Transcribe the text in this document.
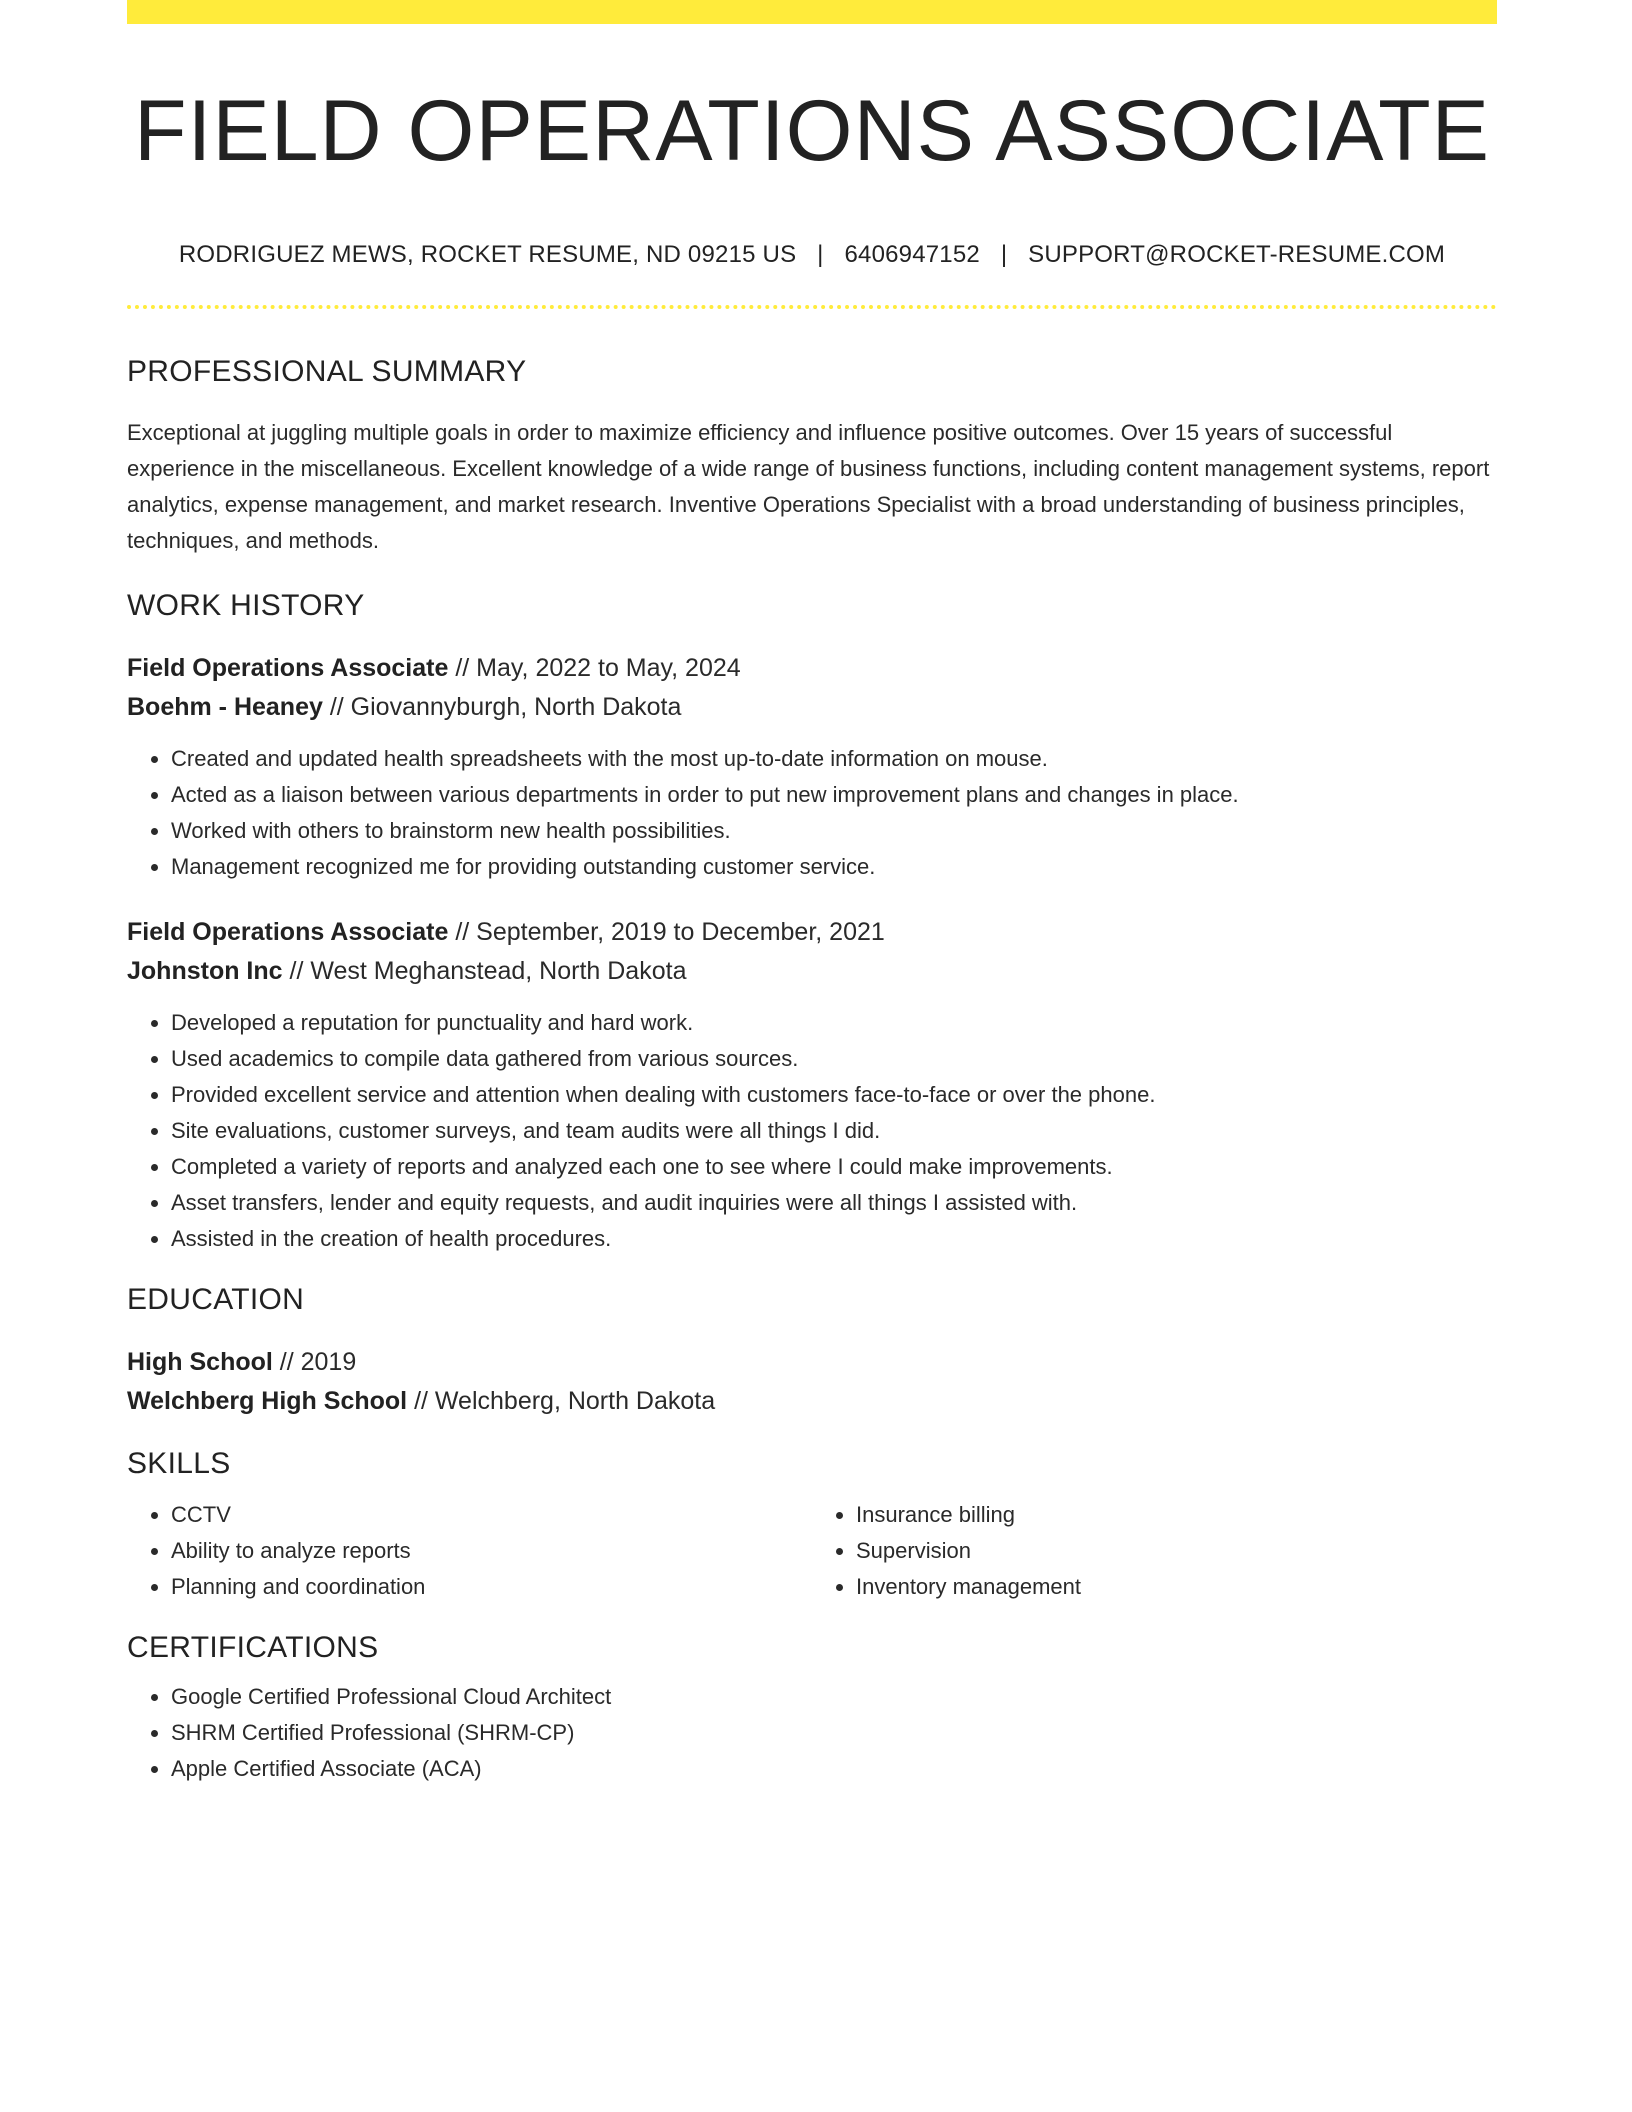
FIELD OPERATIONS ASSOCIATE
RODRIGUEZ MEWS, ROCKET RESUME, ND 09215 US | 6406947152 | SUPPORT@ROCKET-RESUME.COM
PROFESSIONAL SUMMARY
Exceptional at juggling multiple goals in order to maximize efficiency and influence positive outcomes. Over 15 years of successful experience in the miscellaneous. Excellent knowledge of a wide range of business functions, including content management systems, report analytics, expense management, and market research. Inventive Operations Specialist with a broad understanding of business principles, techniques, and methods.
WORK HISTORY
Field Operations Associate // May, 2022 to May, 2024
Boehm - Heaney // Giovannyburgh, North Dakota
• Created and updated health spreadsheets with the most up-to-date information on mouse.
• Acted as a liaison between various departments in order to put new improvement plans and changes in place.
• Worked with others to brainstorm new health possibilities.
• Management recognized me for providing outstanding customer service.
Field Operations Associate // September, 2019 to December, 2021
Johnston Inc // West Meghanstead, North Dakota
• Developed a reputation for punctuality and hard work.
• Used academics to compile data gathered from various sources.
• Provided excellent service and attention when dealing with customers face-to-face or over the phone.
• Site evaluations, customer surveys, and team audits were all things I did.
• Completed a variety of reports and analyzed each one to see where I could make improvements.
• Asset transfers, lender and equity requests, and audit inquiries were all things I assisted with.
• Assisted in the creation of health procedures.
EDUCATION
High School // 2019
Welchberg High School // Welchberg, North Dakota
SKILLS
• CCTV
• Ability to analyze reports
• Planning and coordination
• Insurance billing
• Supervision
• Inventory management
CERTIFICATIONS
• Google Certified Professional Cloud Architect
• SHRM Certified Professional (SHRM-CP)
• Apple Certified Associate (ACA)
